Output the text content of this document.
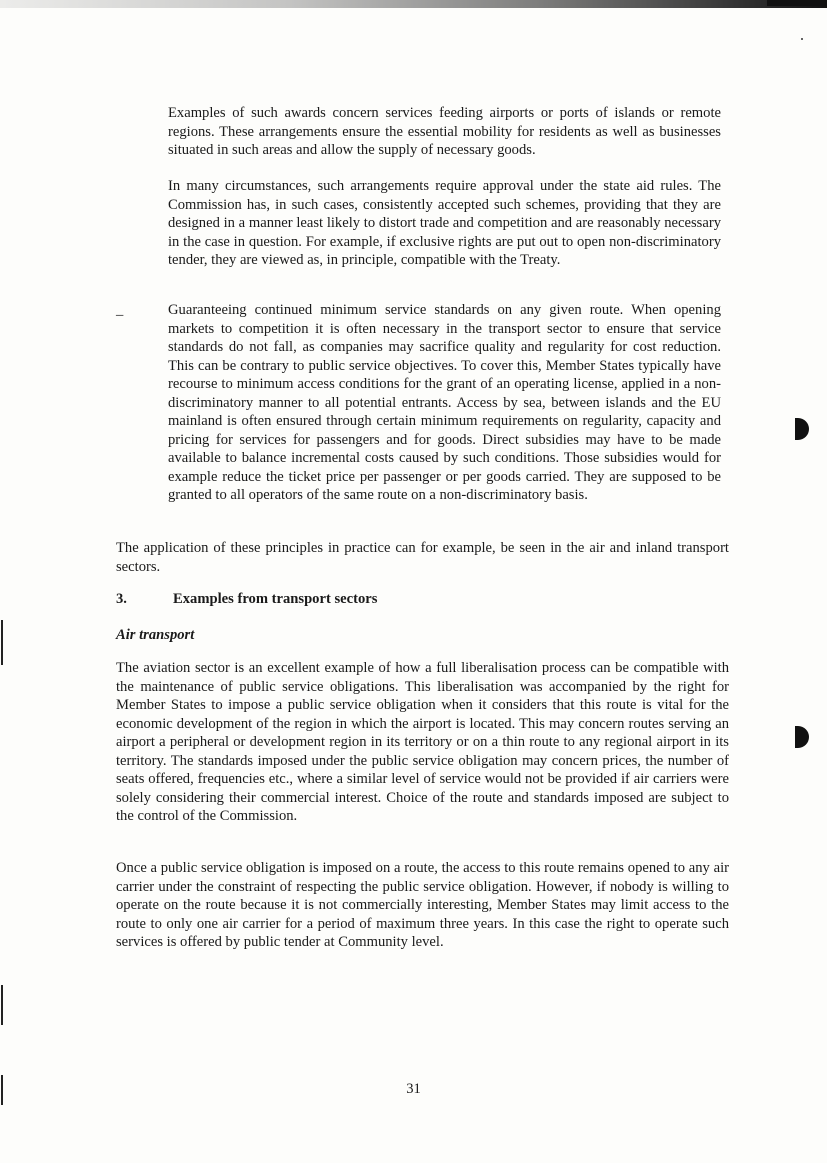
Examples of such awards concern services feeding airports or ports of islands or remote regions. These arrangements ensure the essential mobility for residents as well as businesses situated in such areas and allow the supply of necessary goods.

In many circumstances, such arrangements require approval under the state aid rules. The Commission has, in such cases, consistently accepted such schemes, providing that they are designed in a manner least likely to distort trade and competition and are reasonably necessary in the case in question. For example, if exclusive rights are put out to open non-discriminatory tender, they are viewed as, in principle, compatible with the Treaty.

–	Guaranteeing continued minimum service standards on any given route. When opening markets to competition it is often necessary in the transport sector to ensure that service standards do not fall, as companies may sacrifice quality and regularity for cost reduction. This can be contrary to public service objectives. To cover this, Member States typically have recourse to minimum access conditions for the grant of an operating license, applied in a non-discriminatory manner to all potential entrants. Access by sea, between islands and the EU mainland is often ensured through certain minimum requirements on regularity, capacity and pricing for services for passengers and for goods. Direct subsidies may have to be made available to balance incremental costs caused by such conditions. Those subsidies would for example reduce the ticket price per passenger or per goods carried. They are supposed to be granted to all operators of the same route on a non-discriminatory basis.

The application of these principles in practice can for example, be seen in the air and inland transport sectors.

3.	Examples from transport sectors
Air transport

The aviation sector is an excellent example of how a full liberalisation process can be compatible with the maintenance of public service obligations. This liberalisation was accompanied by the right for Member States to impose a public service obligation when it considers that this route is vital for the economic development of the region in which the airport is located. This may concern routes serving an airport a peripheral or development region in its territory or on a thin route to any regional airport in its territory. The standards imposed under the public service obligation may concern prices, the number of seats offered, frequencies etc., where a similar level of service would not be provided if air carriers were solely considering their commercial interest. Choice of the route and standards imposed are subject to the control of the Commission.

Once a public service obligation is imposed on a route, the access to this route remains opened to any air carrier under the constraint of respecting the public service obligation. However, if nobody is willing to operate on the route because it is not commercially interesting, Member States may limit access to the route to only one air carrier for a period of maximum three years. In this case the right to operate such services is offered by public tender at Community level.

31
